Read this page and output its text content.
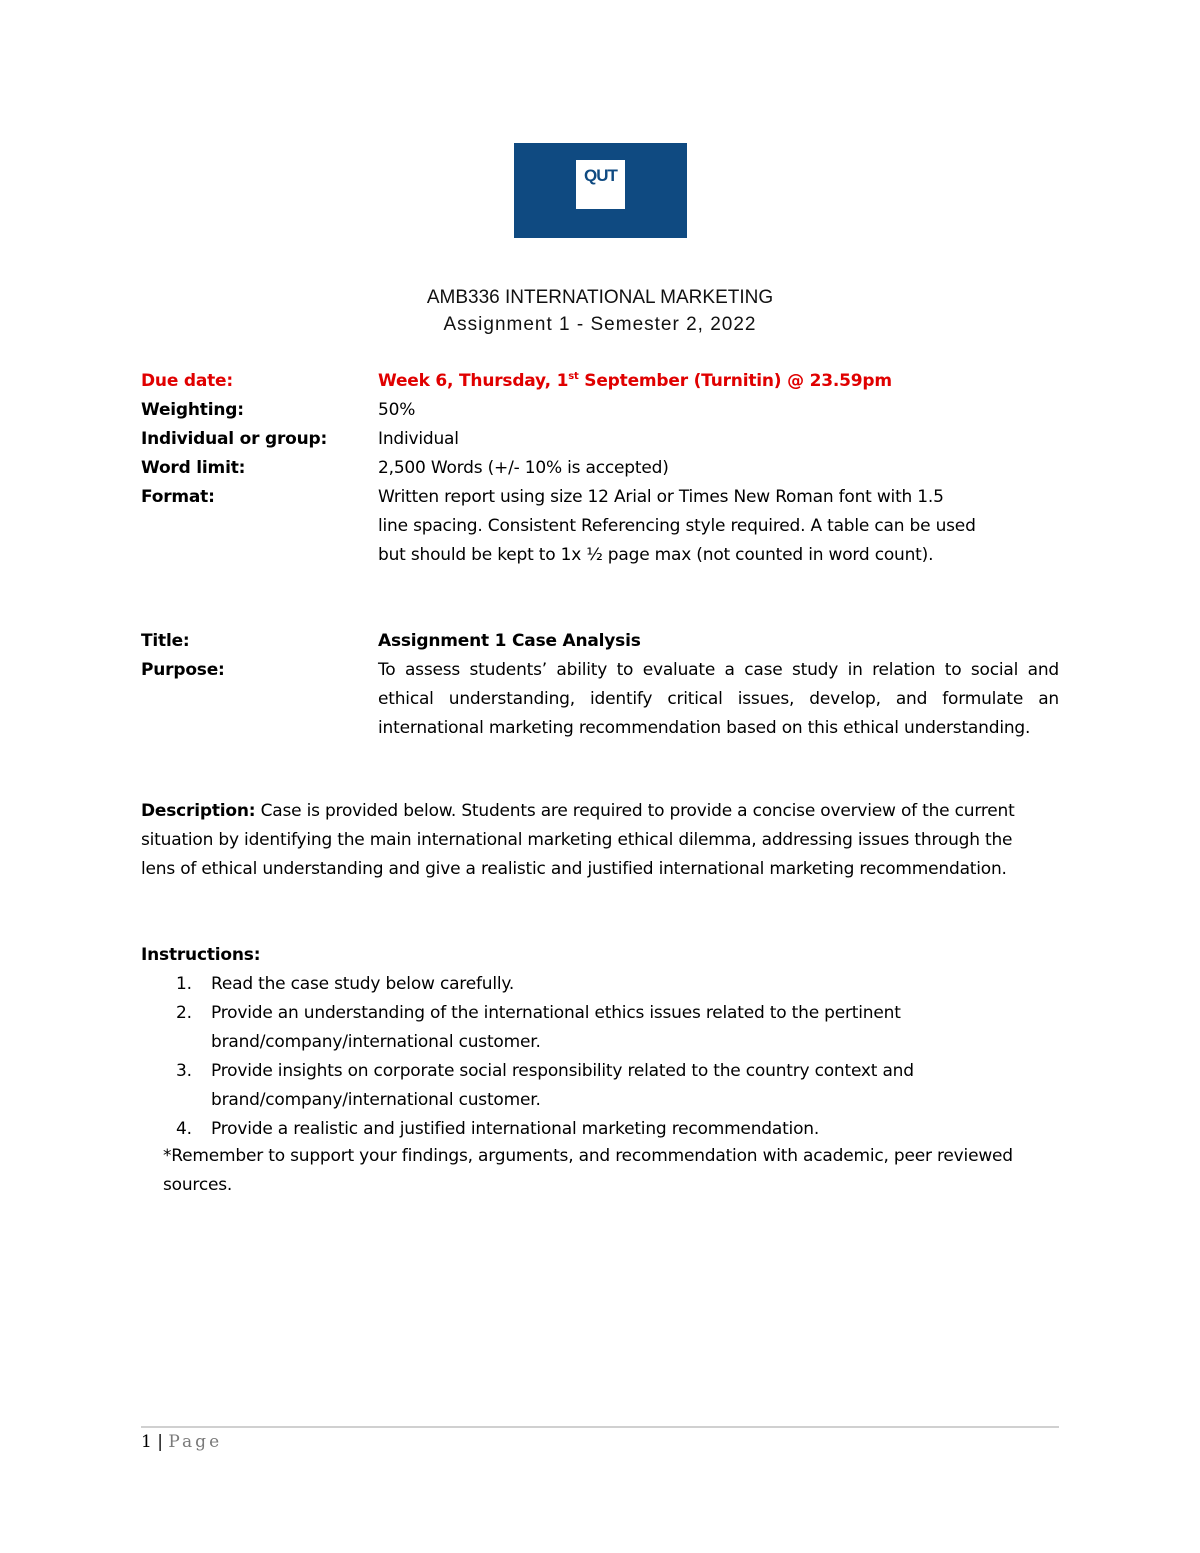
QUT
AMB336 INTERNATIONAL MARKETING
Assignment 1 - Semester 2, 2022
Due date:	Week 6, Thursday, 1st September (Turnitin) @ 23.59pm
Weighting:	50%
Individual or group:	Individual
Word limit:	2,500 Words (+/- 10% is accepted)
Format:	Written report using size 12 Arial or Times New Roman font with 1.5
line spacing. Consistent Referencing style required. A table can be used
but should be kept to 1x ½ page max (not counted in word count).
Title:	Assignment 1 Case Analysis
Purpose:	To assess students’ ability to evaluate a case study in relation to social and ethical understanding, identify critical issues, develop, and formulate an international marketing recommendation based on this ethical understanding.
Description: Case is provided below. Students are required to provide a concise overview of the current situation by identifying the main international marketing ethical dilemma, addressing issues through the lens of ethical understanding and give a realistic and justified international marketing recommendation.
Instructions:
1. Read the case study below carefully.
2. Provide an understanding of the international ethics issues related to the pertinent brand/company/international customer.
3. Provide insights on corporate social responsibility related to the country context and brand/company/international customer.
4. Provide a realistic and justified international marketing recommendation.
*Remember to support your findings, arguments, and recommendation with academic, peer reviewed sources.
1 | Page
